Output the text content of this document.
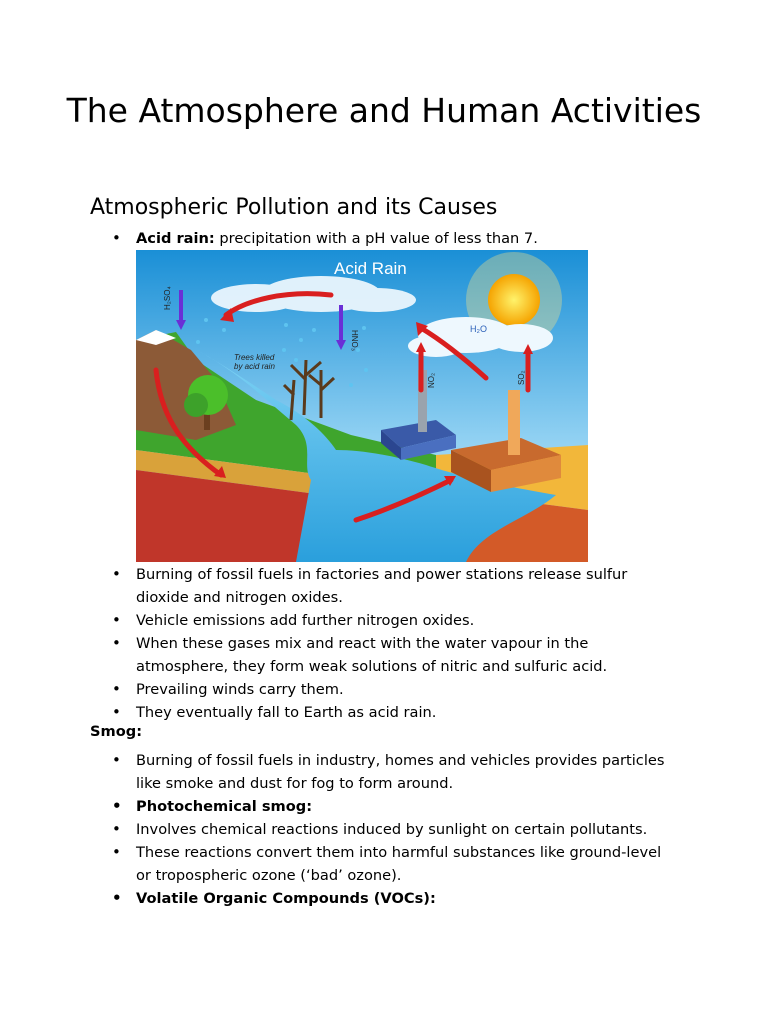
The Atmosphere and Human Activities
Atmospheric Pollution and its Causes
• Acid rain: precipitation with a pH value of less than 7.
Acid Rain
H₂SO₄
HNO₃
H₂O
NO₂	SO₂
Trees killed
by acid rain
• Burning of fossil fuels in factories and power stations release sulfur dioxide and nitrogen oxides.
• Vehicle emissions add further nitrogen oxides.
• When these gases mix and react with the water vapour in the atmosphere, they form weak solutions of nitric and sulfuric acid.
• Prevailing winds carry them.
• They eventually fall to Earth as acid rain.

Smog:

• Burning of fossil fuels in industry, homes and vehicles provides particles like smoke and dust for fog to form around.
• Photochemical smog:
• Involves chemical reactions induced by sunlight on certain pollutants.
• These reactions convert them into harmful substances like ground-level or tropospheric ozone (‘bad’ ozone).
• Volatile Organic Compounds (VOCs):
